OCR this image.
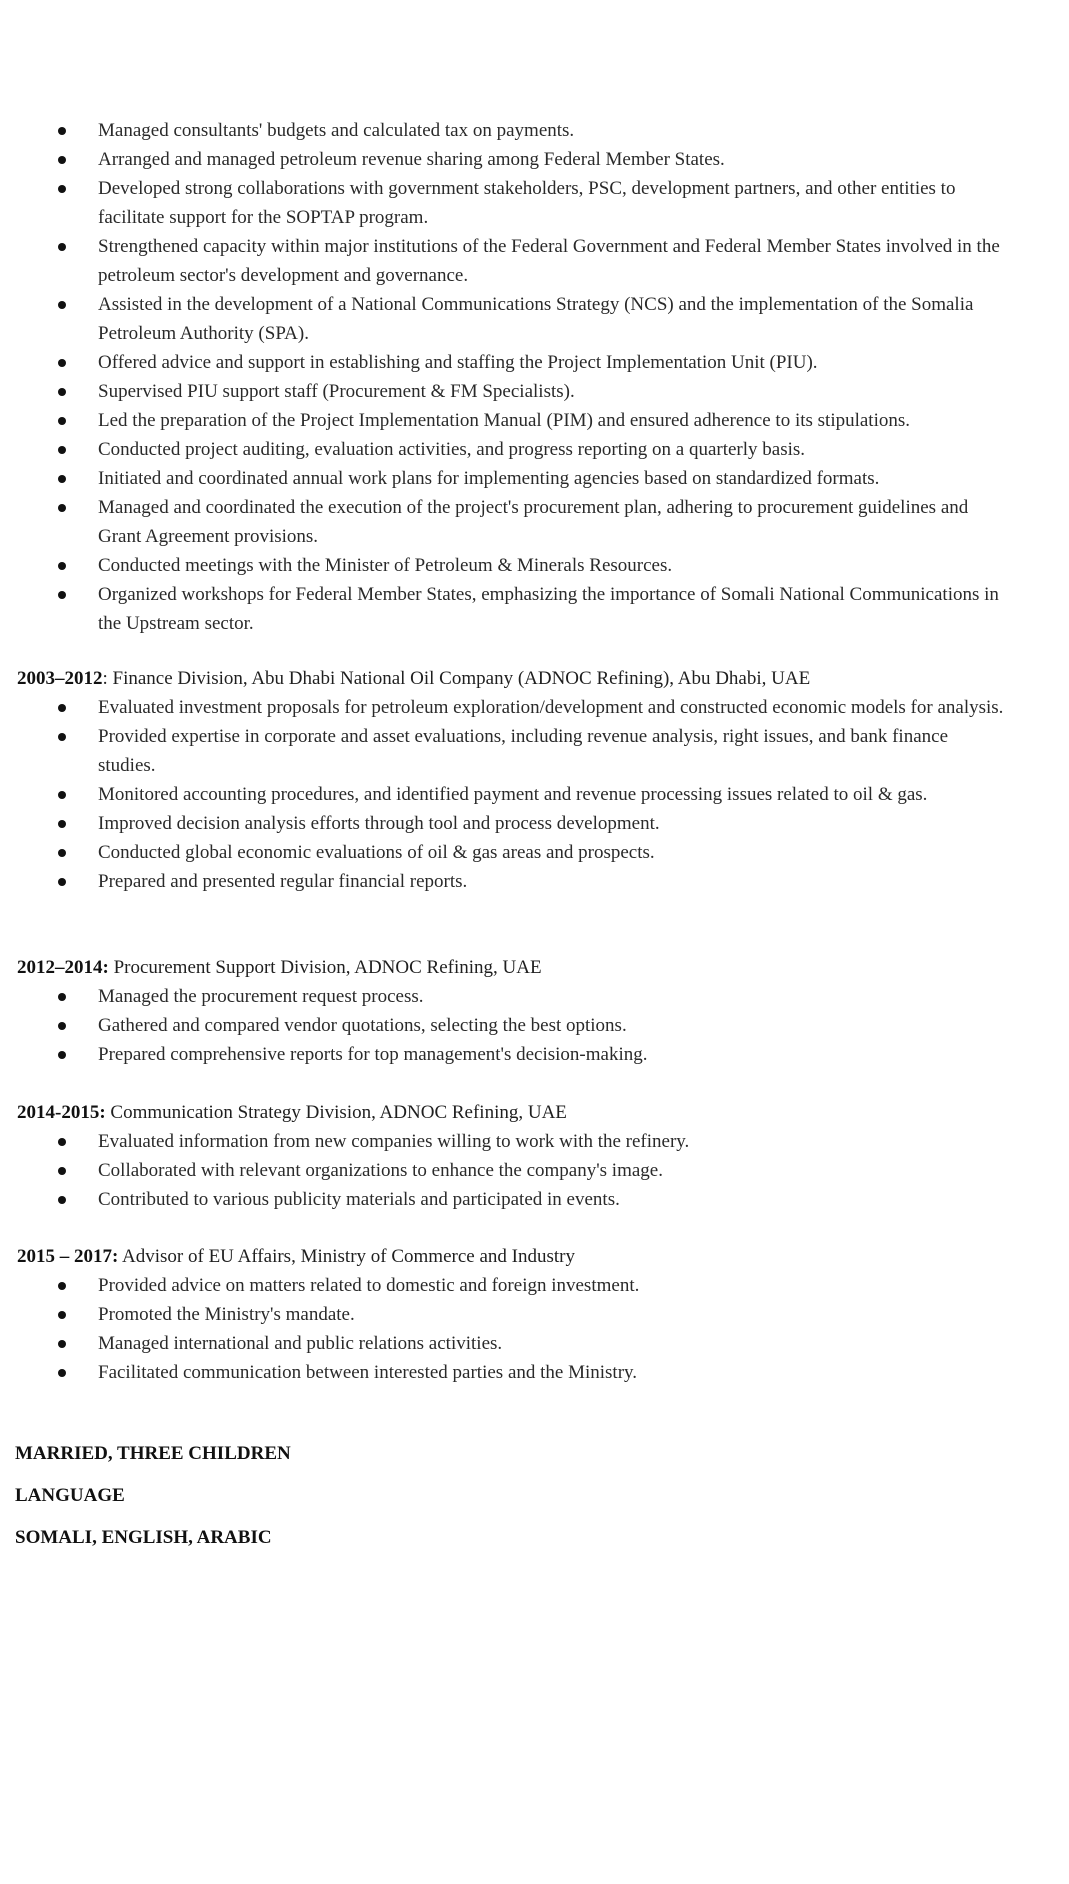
Managed consultants' budgets and calculated tax on payments.
Arranged and managed petroleum revenue sharing among Federal Member States.
Developed strong collaborations with government stakeholders, PSC, development partners, and other entities to facilitate support for the SOPTAP program.
Strengthened capacity within major institutions of the Federal Government and Federal Member States involved in the petroleum sector's development and governance.
Assisted in the development of a National Communications Strategy (NCS) and the implementation of the Somalia Petroleum Authority (SPA).
Offered advice and support in establishing and staffing the Project Implementation Unit (PIU).
Supervised PIU support staff (Procurement & FM Specialists).
Led the preparation of the Project Implementation Manual (PIM) and ensured adherence to its stipulations.
Conducted project auditing, evaluation activities, and progress reporting on a quarterly basis.
Initiated and coordinated annual work plans for implementing agencies based on standardized formats.
Managed and coordinated the execution of the project's procurement plan, adhering to procurement guidelines and Grant Agreement provisions.
Conducted meetings with the Minister of Petroleum & Minerals Resources.
Organized workshops for Federal Member States, emphasizing the importance of Somali National Communications in the Upstream sector.
2003–2012: Finance Division, Abu Dhabi National Oil Company (ADNOC Refining), Abu Dhabi, UAE
Evaluated investment proposals for petroleum exploration/development and constructed economic models for analysis.
Provided expertise in corporate and asset evaluations, including revenue analysis, right issues, and bank finance studies.
Monitored accounting procedures, and identified payment and revenue processing issues related to oil & gas.
Improved decision analysis efforts through tool and process development.
Conducted global economic evaluations of oil & gas areas and prospects.
Prepared and presented regular financial reports.
2012–2014: Procurement Support Division, ADNOC Refining, UAE
Managed the procurement request process.
Gathered and compared vendor quotations, selecting the best options.
Prepared comprehensive reports for top management's decision-making.
2014-2015: Communication Strategy Division, ADNOC Refining, UAE
Evaluated information from new companies willing to work with the refinery.
Collaborated with relevant organizations to enhance the company's image.
Contributed to various publicity materials and participated in events.
2015 – 2017: Advisor of EU Affairs, Ministry of Commerce and Industry
Provided advice on matters related to domestic and foreign investment.
Promoted the Ministry's mandate.
Managed international and public relations activities.
Facilitated communication between interested parties and the Ministry.
MARRIED, THREE CHILDREN
LANGUAGE
SOMALI, ENGLISH, ARABIC
